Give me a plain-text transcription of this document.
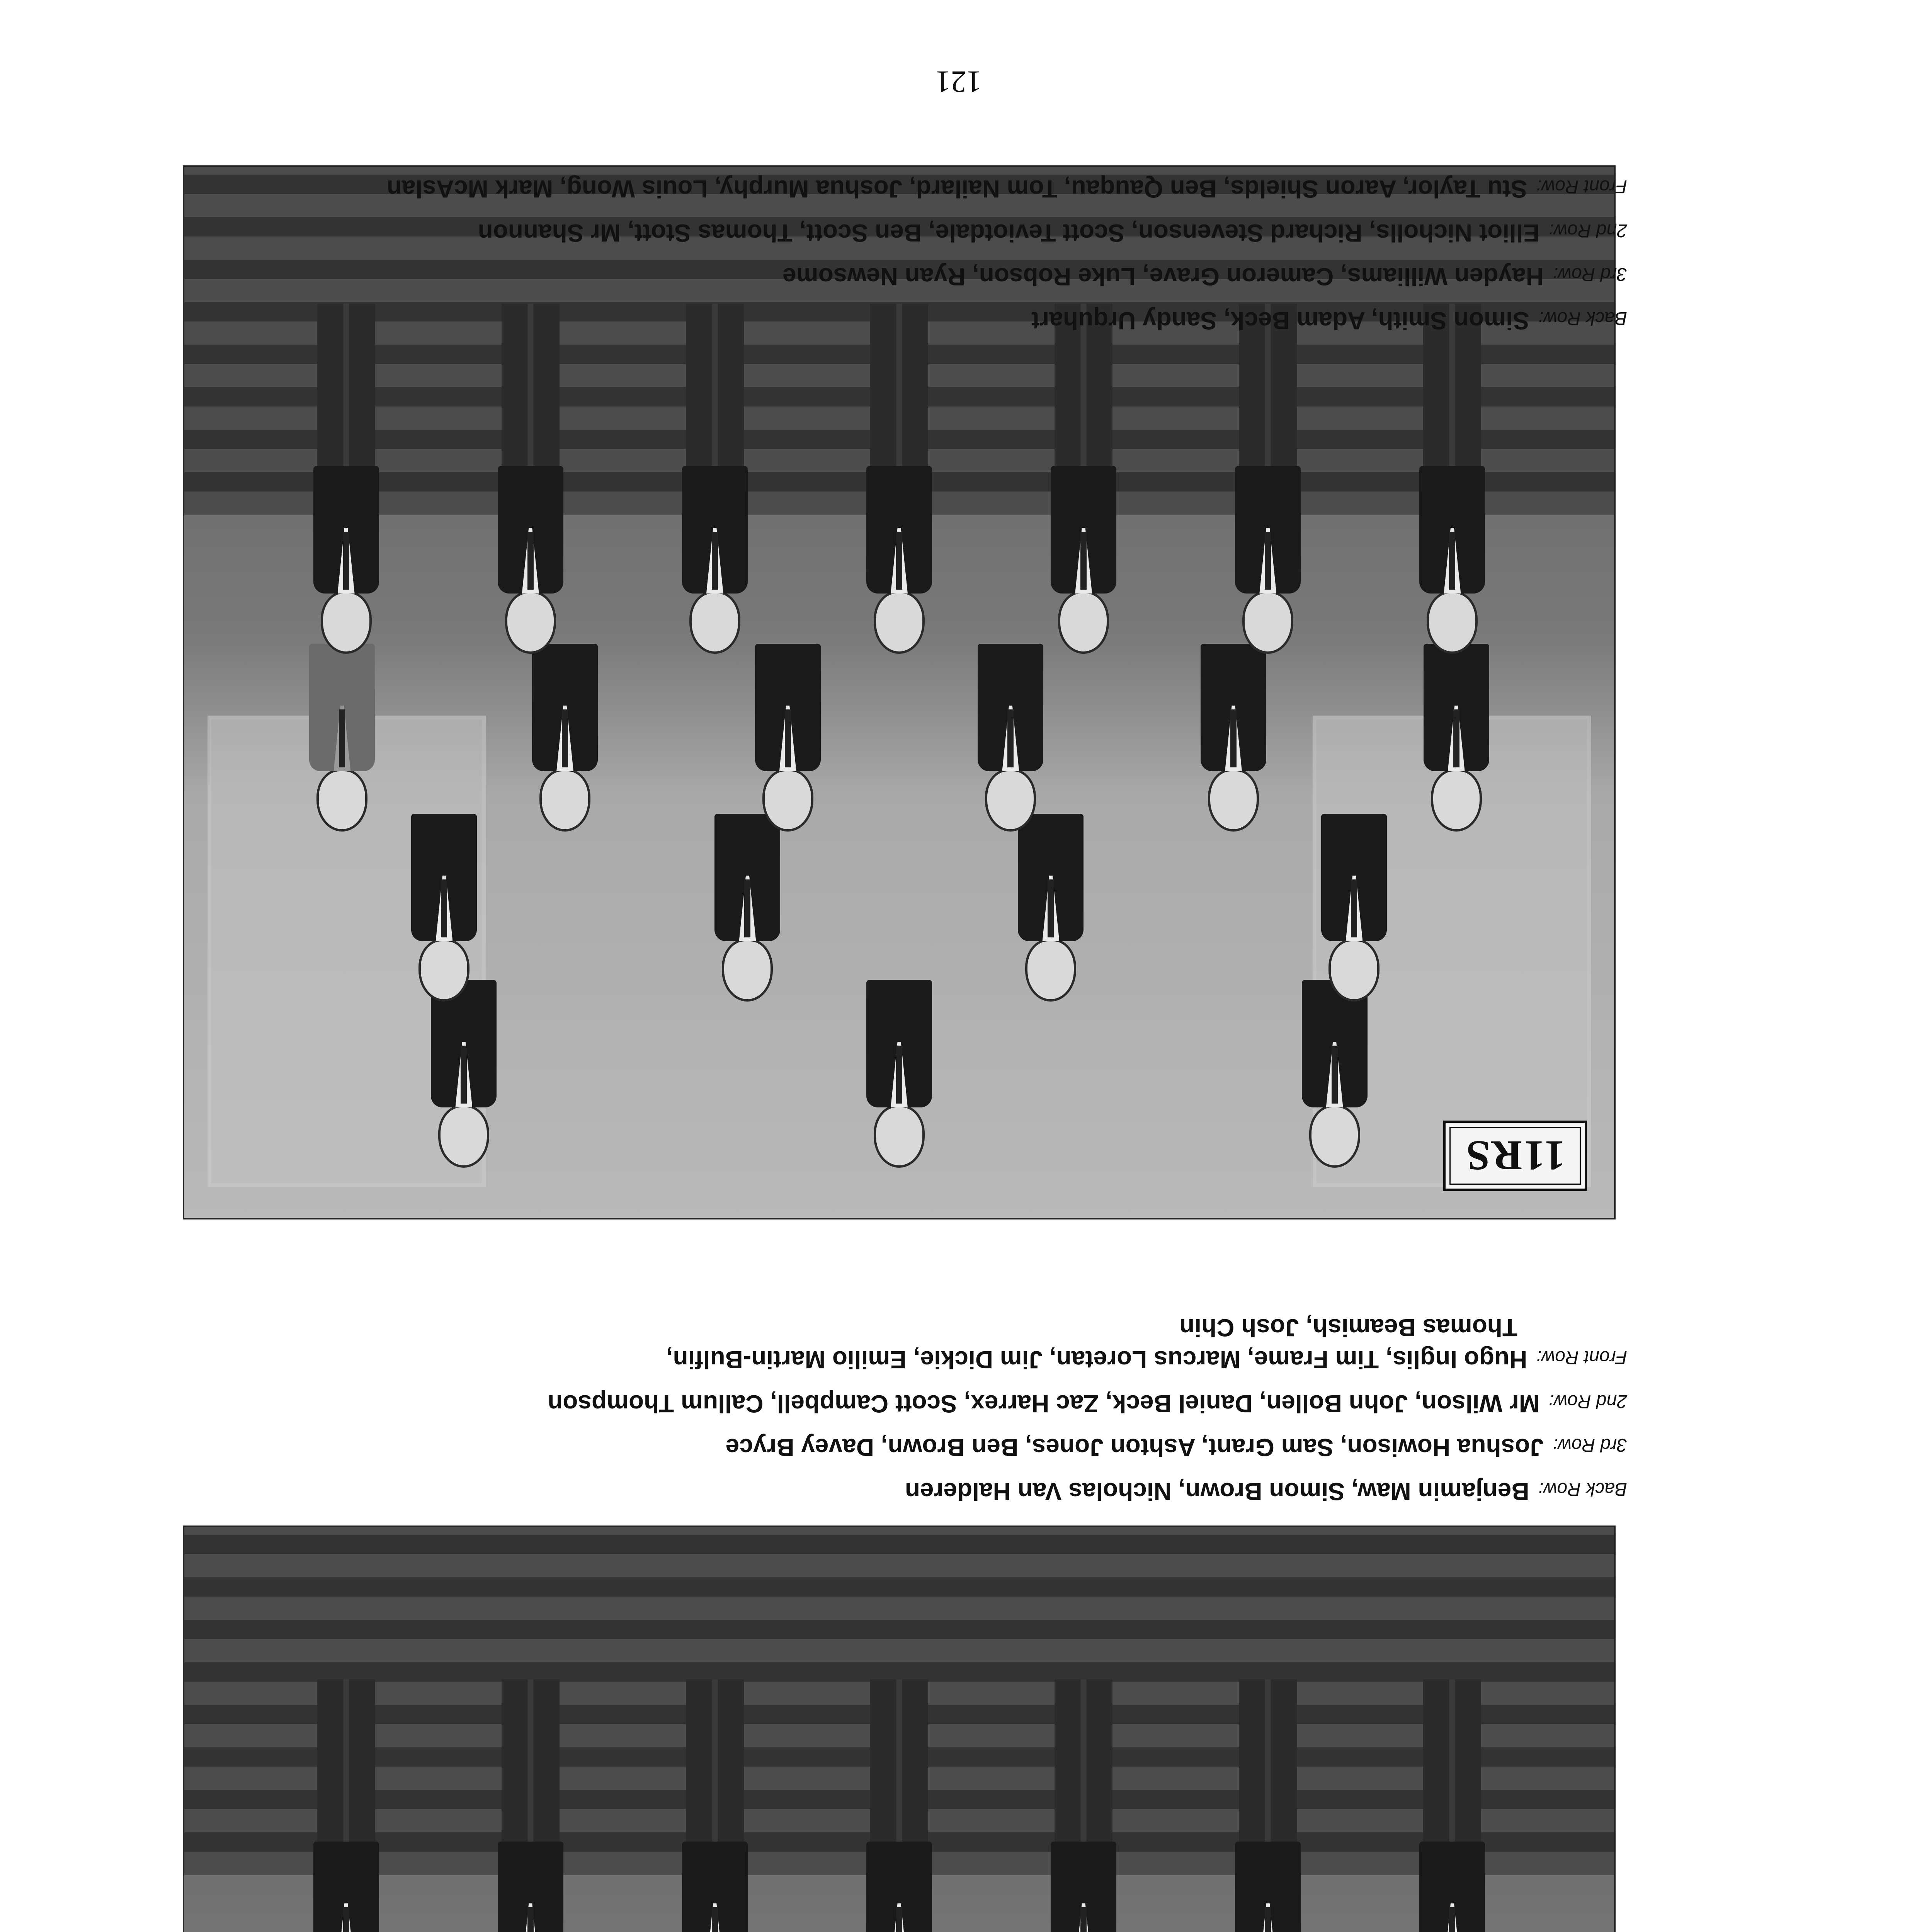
Back Row:Benjamin Maw, Simon Brown, Nicholas Van Halderen
3rd Row:Joshua Howison, Sam Grant, Ashton Jones, Ben Brown, Davey Bryce
2nd Row:Mr Wilson, John Bollen, Daniel Beck, Zac Harrex, Scott Campbell, Callum Thompson
Front Row:Hugo Inglis, Tim Frame, Marcus Loretan, Jim Dickie, Emilio Martin-Bulfin,
Thomas Beamish, Josh Chin
11RS
Back Row:Simon Smith, Adam Beck, Sandy Urquhart
3rd Row:Hayden Williams, Cameron Grave, Luke Robson, Ryan Newsome
2nd Row:Elliot Nicholls, Richard Stevenson, Scott Teviotdale, Ben Scott, Thomas Stott, Mr Shannon
Front Row:Stu Taylor, Aaron Shields, Ben Qauqau, Tom Nailard, Joshua Murphy, Louis Wong, Mark McAslan
121
